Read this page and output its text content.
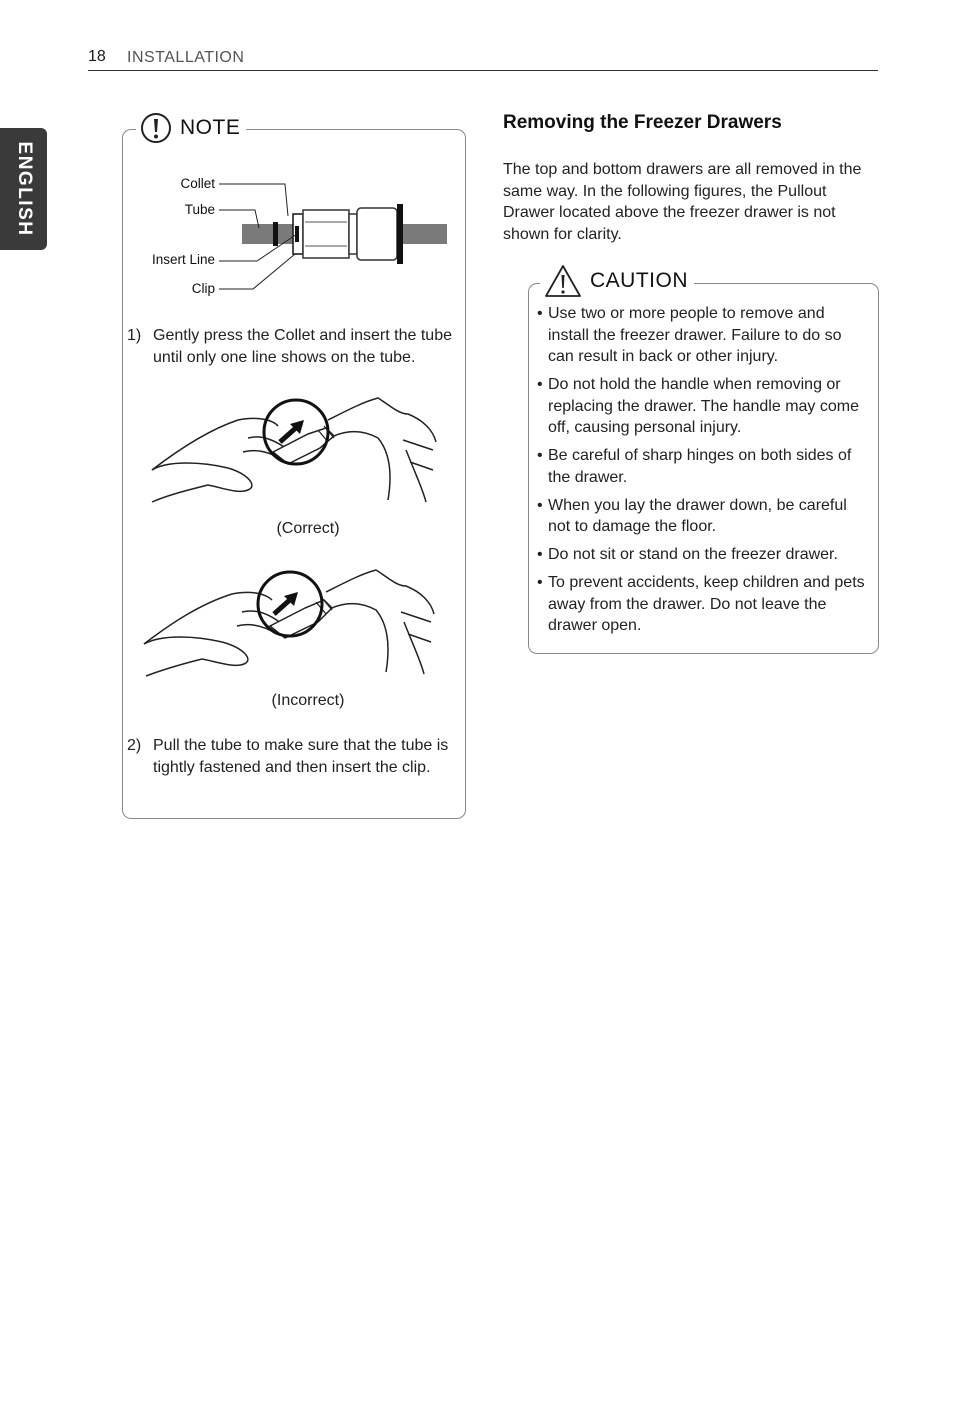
18 INSTALLATION
ENGLISH
NOTE
Collet
Tube
Insert Line
Clip
1) Gently press the Collet and insert the tube until only one line shows on the tube.
(Correct)
(Incorrect)
2) Pull the tube to make sure that the tube is tightly fastened and then insert the clip.
Removing the Freezer Drawers
The top and bottom drawers are all removed in the same way. In the following figures, the Pullout Drawer located above the freezer drawer is not shown for clarity.
CAUTION
• Use two or more people to remove and install the freezer drawer. Failure to do so can result in back or other injury.
• Do not hold the handle when removing or replacing the drawer. The handle may come off, causing personal injury.
• Be careful of sharp hinges on both sides of the drawer.
• When you lay the drawer down, be careful not to damage the floor.
• Do not sit or stand on the freezer drawer.
• To prevent accidents, keep children and pets away from the drawer. Do not leave the drawer open.
